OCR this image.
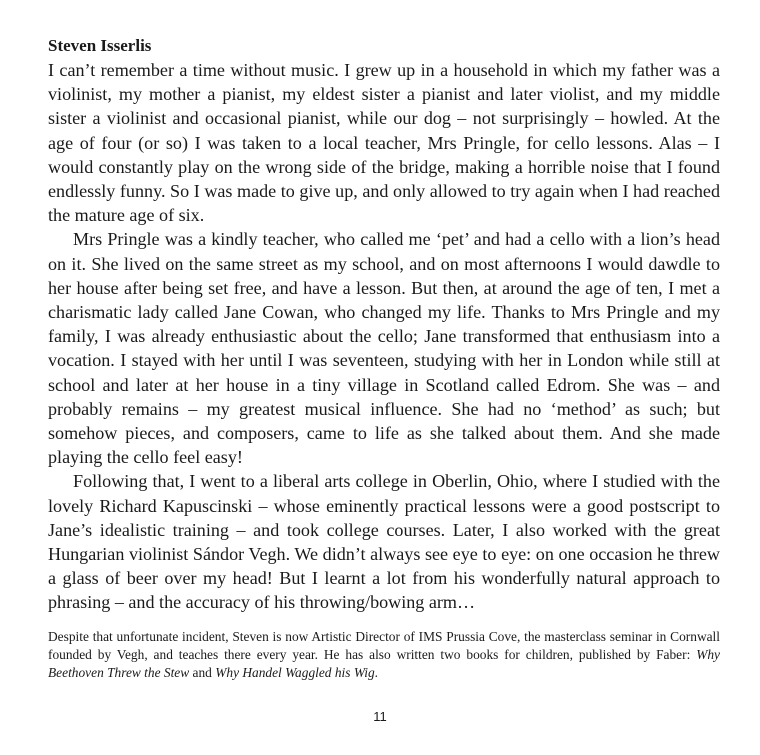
Steven Isserlis

I can’t remember a time without music. I grew up in a household in which my father was a violinist, my mother a pianist, my eldest sister a pianist and later violist, and my middle sister a violinist and occasional pianist, while our dog – not surprisingly – howled. At the age of four (or so) I was taken to a local teacher, Mrs Pringle, for cello lessons. Alas – I would constantly play on the wrong side of the bridge, making a horrible noise that I found endlessly funny. So I was made to give up, and only allowed to try again when I had reached the mature age of six.

Mrs Pringle was a kindly teacher, who called me ‘pet’ and had a cello with a lion’s head on it. She lived on the same street as my school, and on most afternoons I would dawdle to her house after being set free, and have a lesson. But then, at around the age of ten, I met a charismatic lady called Jane Cowan, who changed my life. Thanks to Mrs Pringle and my family, I was already enthusiastic about the cello; Jane transformed that enthusiasm into a vocation. I stayed with her until I was seventeen, studying with her in London while still at school and later at her house in a tiny village in Scotland called Edrom. She was – and probably remains – my greatest musical influence. She had no ‘method’ as such; but somehow pieces, and composers, came to life as she talked about them. And she made playing the cello feel easy!

Following that, I went to a liberal arts college in Oberlin, Ohio, where I studied with the lovely Richard Kapuscinski – whose eminently practical lessons were a good postscript to Jane’s idealistic training – and took college courses. Later, I also worked with the great Hungarian violinist Sándor Vegh. We didn’t always see eye to eye: on one occasion he threw a glass of beer over my head! But I learnt a lot from his wonderfully natural approach to phrasing – and the accuracy of his throwing/bowing arm…

Despite that unfortunate incident, Steven is now Artistic Director of IMS Prussia Cove, the masterclass seminar in Cornwall founded by Vegh, and teaches there every year. He has also written two books for children, published by Faber: Why Beethoven Threw the Stew and Why Handel Waggled his Wig.

11
